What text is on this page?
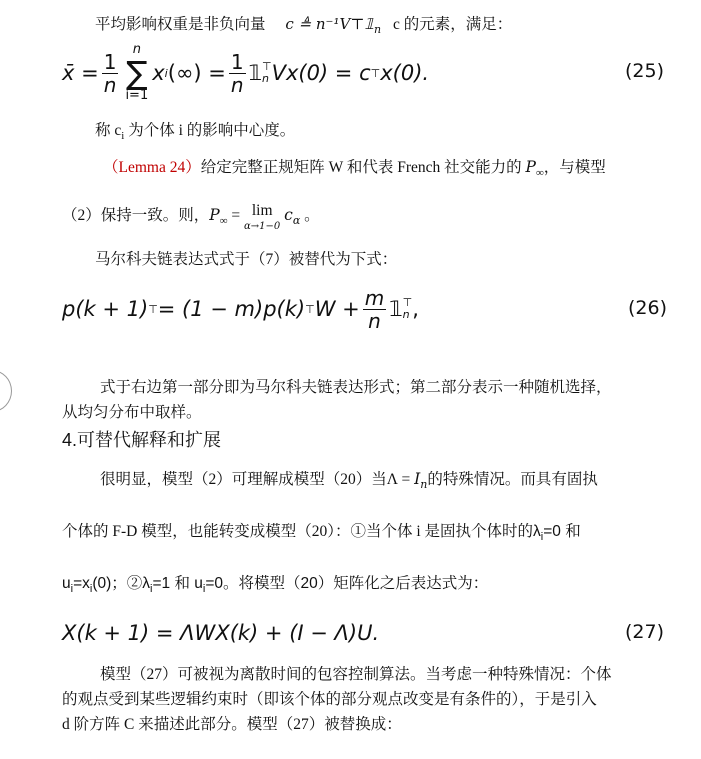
平均影响权重是非负向量 c ≜ $n^{-1}V⊤𝟙_n$ c 的元素，满足：
x̄ = $\frac{1}{n}$
n
∑
i=1
x i (∞) = $\frac{1}{n}$ 𝟙 ⊤
n Vx(0) = c ⊤ x(0).	(25)
称 $c_i$ 为个体 i 的影响中心度。
（Lemma 24）给定完整正规矩阵 W 和代表 French 社交能力的 $P_\infty$，与模型
（2）保持一致。则，$P_\infty = \lim$
α→1−0
$c_\alpha$ 。
马尔科夫链表达式式于（7）被替代为下式：
p(k + 1) ⊤ = (1 − m)p(k) ⊤ $W + \frac{m}{n}$ 𝟙 ⊤
n ,	(26)
式于右边第一部分即为马尔科夫链表达形式；第二部分表示一种随机选择，
从均匀分布中取样。
4.可替代解释和扩展
很明显，模型（2）可理解成模型（20）当$\Lambda = I_n$的特殊情况。而具有固执
个体的 F-D 模型，也能转变成模型（20）：①当个体 i 是固执个体时的$\lambda_i=0$ 和
$u_i=x_i(0)$；$②\lambda_i=1$ 和 $u_i=0$。将模型（20）矩阵化之后表达式为：
X(k + 1) = ΛWX(k) + (I − Λ)U.	(27)
模型（27）可被视为离散时间的包容控制算法。当考虑一种特殊情况：个体
的观点受到某些逻辑约束时（即该个体的部分观点改变是有条件的），于是引入
d 阶方阵 C 来描述此部分。模型（27）被替换成：
